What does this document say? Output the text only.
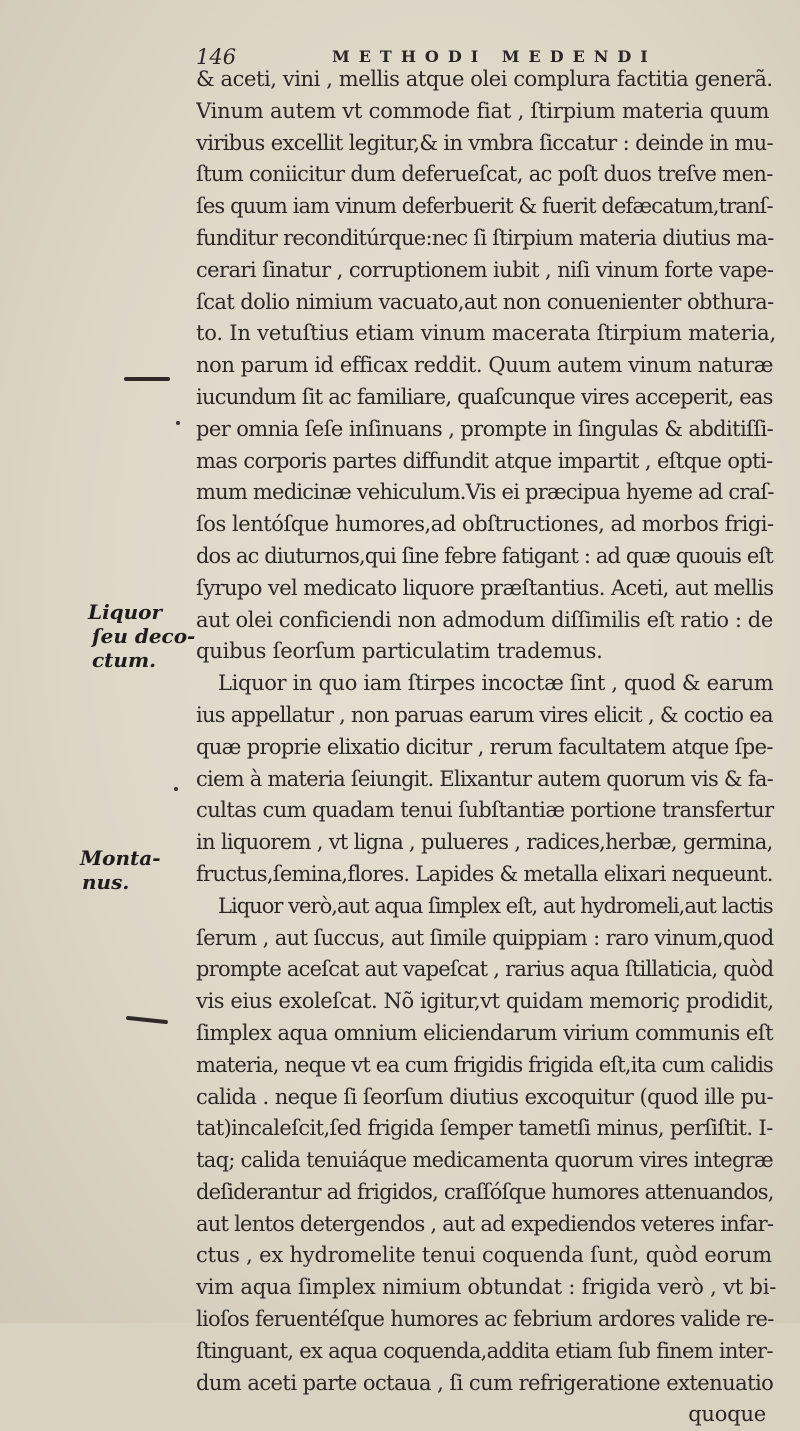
146	METHODI MEDENDI
Liquor
ſeu deco-
ctum.
Monta-
nus.
& aceti, vini , mellis atque olei complura factitia generã.
Vinum autem vt commode fiat , ſtirpium materia quum
viribus excellit legitur,& in vmbra ſiccatur : deinde in mu-
ſtum coniicitur dum deferueſcat, ac poſt duos treſve men-
ſes quum iam vinum deferbuerit & fuerit defæcatum,tranſ-
funditur reconditúrque:nec ſi ſtirpium materia diutius ma-
cerari ſinatur , corruptionem iubit , niſi vinum forte vape-
ſcat dolio nimium vacuato,aut non conuenienter obthura-
to. In vetuſtius etiam vinum macerata ſtirpium materia,
non parum id efficax reddit. Quum autem vinum naturæ
iucundum ſit ac familiare, quaſcunque vires acceperit, eas
per omnia ſeſe inſinuans , prompte in ſingulas & abditiſſi-
mas corporis partes diffundit atque impartit , eſtque opti-
mum medicinæ vehiculum.Vis ei præcipua hyeme ad craſ-
ſos lentóſque humores,ad obſtructiones, ad morbos frigi-
dos ac diuturnos,qui ſine febre fatigant : ad quæ quouis eſt
ſyrupo vel medicato liquore præſtantius. Aceti, aut mellis
aut olei conficiendi non admodum diſſimilis eſt ratio : de
quibus ſeorſum particulatim trademus.
Liquor in quo iam ſtirpes incoctæ ſint , quod & earum
ius appellatur , non paruas earum vires elicit , & coctio ea
quæ proprie elixatio dicitur , rerum facultatem atque ſpe-
ciem à materia ſeiungit. Elixantur autem quorum vis & fa-
cultas cum quadam tenui ſubſtantiæ portione transfertur
in liquorem , vt ligna , pulueres , radices,herbæ, germina,
fructus,ſemina,flores. Lapides & metalla elixari nequeunt.
Liquor verò,aut aqua ſimplex eſt, aut hydromeli,aut lactis
ſerum , aut ſuccus, aut ſimile quippiam : raro vinum,quod
prompte aceſcat aut vapeſcat , rarius aqua ſtillaticia, quòd
vis eius exoleſcat. Nõ igitur,vt quidam memoriç prodidit,
ſimplex aqua omnium eliciendarum virium communis eſt
materia, neque vt ea cum frigidis frigida eſt,ita cum calidis
calida . neque ſi ſeorſum diutius excoquitur (quod ille pu-
tat)incaleſcit,ſed frigida ſemper tametſi minus, perſiſtit. I-
taq; calida tenuiáque medicamenta quorum vires integræ
deſiderantur ad frigidos, craſſóſque humores attenuandos,
aut lentos detergendos , aut ad expediendos veteres infar-
ctus , ex hydromelite tenui coquenda ſunt, quòd eorum
vim aqua ſimplex nimium obtundat : frigida verò , vt bi-
lioſos feruentéſque humores ac febrium ardores valide re-
ſtinguant, ex aqua coquenda,addita etiam ſub finem inter-
dum aceti parte octaua , ſi cum refrigeratione extenuatio
quoque
